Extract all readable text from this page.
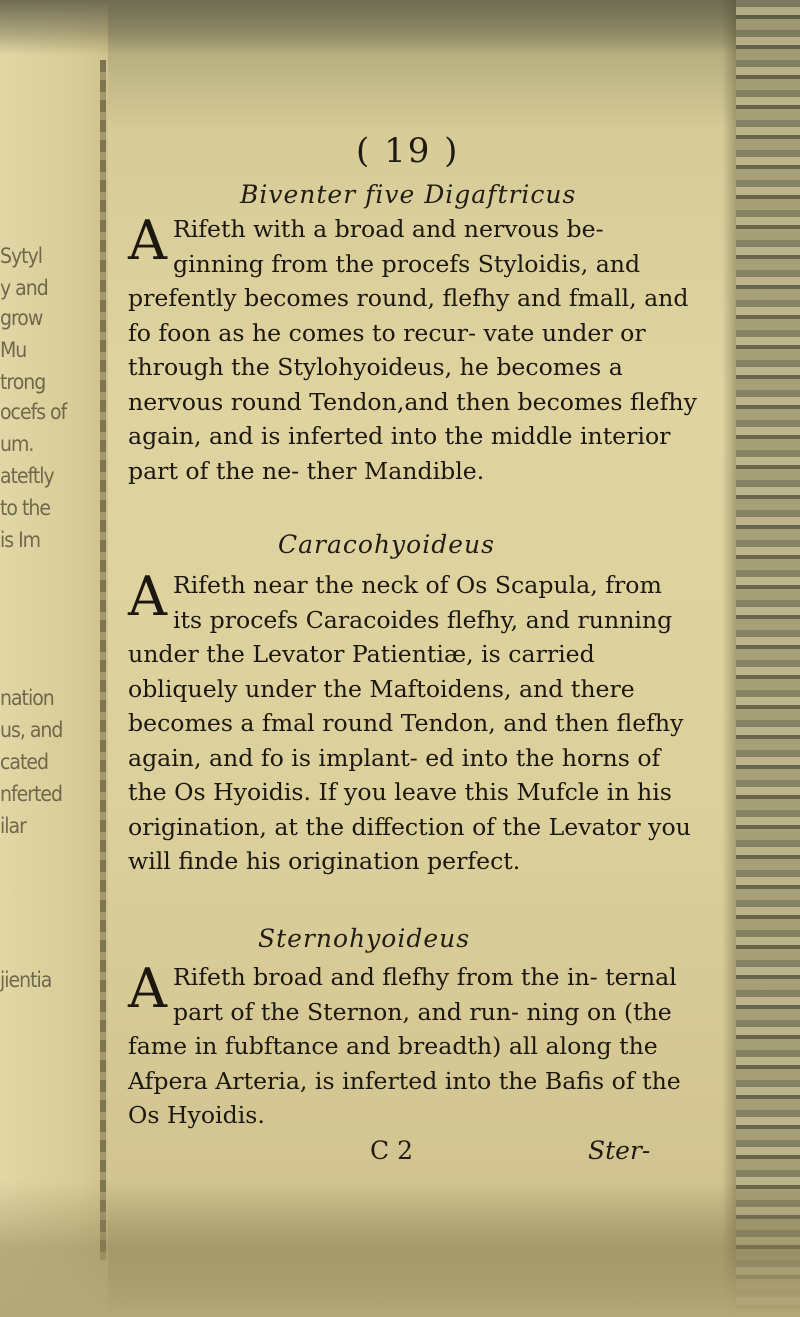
Sytyl

y and

grow

Mu

trong

ocefs of

um.

ateftly

to the

is Im

nation

us, and

cated

nferted

ilar

jientia

( 19 )

Biventer five Digaftricus

A Rifeth with a broad and nervous be- ginning from the procefs Styloidis, and prefently becomes round, flefhy and fmall, and fo foon as he comes to recur- vate under or through the Stylohyoideus, he becomes a nervous round Tendon,and then becomes flefhy again, and is inferted into the middle interior part of the ne- ther Mandible.

Caracohyoideus

A Rifeth near the neck of Os Scapula, from its procefs Caracoides flefhy, and running under the Levator Patientiæ, is carried obliquely under the Maftoidens, and there becomes a fmal round Tendon, and then flefhy again, and fo is implant- ed into the horns of the Os Hyoidis. If you leave this Mufcle in his origination, at the diffection of the Levator you will finde his origination perfect.

Sternohyoideus

A Rifeth broad and flefhy from the in- ternal part of the Sternon, and run- ning on (the fame in fubftance and breadth) all along the Afpera Arteria, is inferted into the Bafis of the Os Hyoidis.

C 2	Ster-
